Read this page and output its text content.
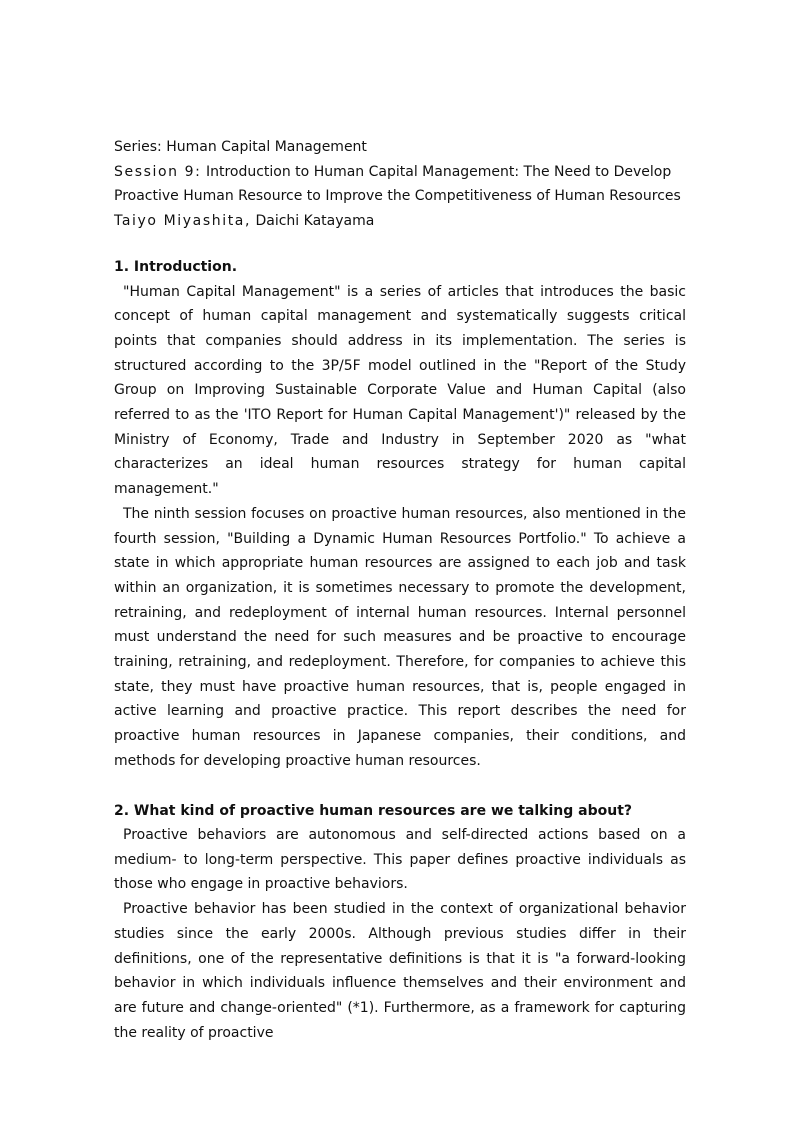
Series: Human Capital Management

Session 9: Introduction to Human Capital Management: The Need to Develop

Proactive Human Resource to Improve the Competitiveness of Human Resources

Taiyo Miyashita, Daichi Katayama

1. Introduction.

"Human Capital Management" is a series of articles that introduces the basic concept of human capital management and systematically suggests critical points that companies should address in its implementation. The series is structured according to the 3P/5F model outlined in the "Report of the Study Group on Improving Sustainable Corporate Value and Human Capital (also referred to as the 'ITO Report for Human Capital Management')" released by the Ministry of Economy, Trade and Industry in September 2020 as "what characterizes an ideal human resources strategy for human capital management."

The ninth session focuses on proactive human resources, also mentioned in the fourth session, "Building a Dynamic Human Resources Portfolio." To achieve a state in which appropriate human resources are assigned to each job and task within an organization, it is sometimes necessary to promote the development, retraining, and redeployment of internal human resources. Internal personnel must understand the need for such measures and be proactive to encourage training, retraining, and redeployment. Therefore, for companies to achieve this state, they must have proactive human resources, that is, people engaged in active learning and proactive practice. This report describes the need for proactive human resources in Japanese companies, their conditions, and methods for developing proactive human resources.

2. What kind of proactive human resources are we talking about?

Proactive behaviors are autonomous and self-directed actions based on a medium- to long-term perspective. This paper defines proactive individuals as those who engage in proactive behaviors.

Proactive behavior has been studied in the context of organizational behavior studies since the early 2000s. Although previous studies differ in their definitions, one of the representative definitions is that it is "a forward-looking behavior in which individuals influence themselves and their environment and are future and change-oriented" (*1). Furthermore, as a framework for capturing the reality of proactive
